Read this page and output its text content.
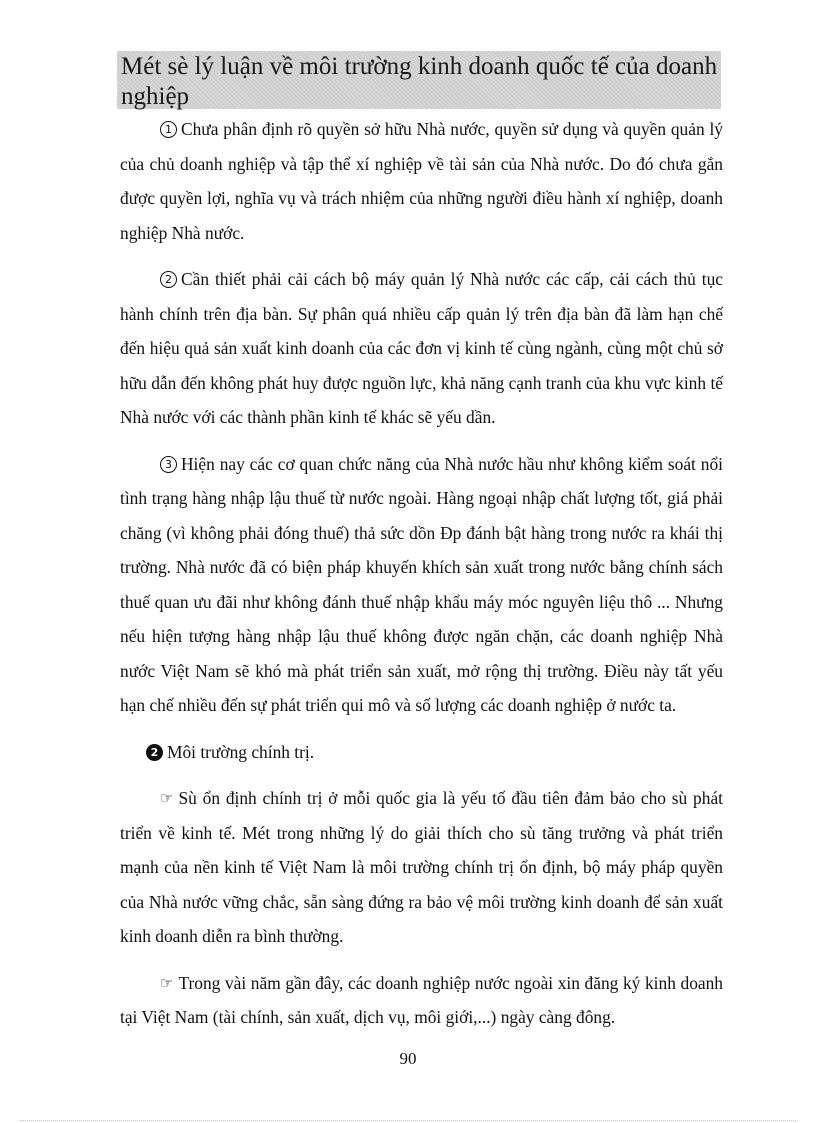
Mét sè lý luận về môi trường kinh doanh quốc tế của doanh nghiệp

1 Chưa phân định rõ quyền sở hữu Nhà nước, quyền sử dụng và quyền quản lý của chủ doanh nghiệp và tập thể xí nghiệp về tài sản của Nhà nước. Do đó chưa gắn được quyền lợi, nghĩa vụ và trách nhiệm của những người điều hành xí nghiệp, doanh nghiệp Nhà nước.

2 Cần thiết phải cải cách bộ máy quản lý Nhà nước các cấp, cải cách thủ tục hành chính trên địa bàn. Sự phân quá nhiều cấp quản lý trên địa bàn đã làm hạn chế đến hiệu quả sản xuất kinh doanh của các đơn vị kinh tế cùng ngành, cùng một chủ sở hữu dẫn đến không phát huy được nguồn lực, khả năng cạnh tranh của khu vực kinh tế Nhà nước với các thành phần kinh tế khác sẽ yếu dần.

3 Hiện nay các cơ quan chức năng của Nhà nước hầu như không kiểm soát nổi tình trạng hàng nhập lậu thuế từ nước ngoài. Hàng ngoại nhập chất lượng tốt, giá phải chăng (vì không phải đóng thuế) thả sức dồn Đp đánh bật hàng trong nước ra khái thị trường. Nhà nước đã có biện pháp khuyến khích sản xuất trong nước bằng chính sách thuế quan ưu đãi như không đánh thuế nhập khẩu máy móc nguyên liệu thô ... Nhưng nếu hiện tượng hàng nhập lậu thuế không được ngăn chặn, các doanh nghiệp Nhà nước Việt Nam sẽ khó mà phát triển sản xuất, mở rộng thị trường. Điều này tất yếu hạn chế nhiều đến sự phát triển qui mô và số lượng các doanh nghiệp ở nước ta.

2 Môi trường chính trị.

☞ Sù ổn định chính trị ở mỗi quốc gia là yếu tố đầu tiên đảm bảo cho sù phát triển về kinh tế. Mét trong những lý do giải thích cho sù tăng trưởng và phát triển mạnh của nền kinh tế Việt Nam là môi trường chính trị ổn định, bộ máy pháp quyền của Nhà nước vững chắc, sẵn sàng đứng ra bảo vệ môi trường kinh doanh để sản xuất kinh doanh diễn ra bình thường.

☞ Trong vài năm gần đây, các doanh nghiệp nước ngoài xin đăng ký kinh doanh tại Việt Nam (tài chính, sản xuất, dịch vụ, môi giới,...) ngày càng đông.

90
